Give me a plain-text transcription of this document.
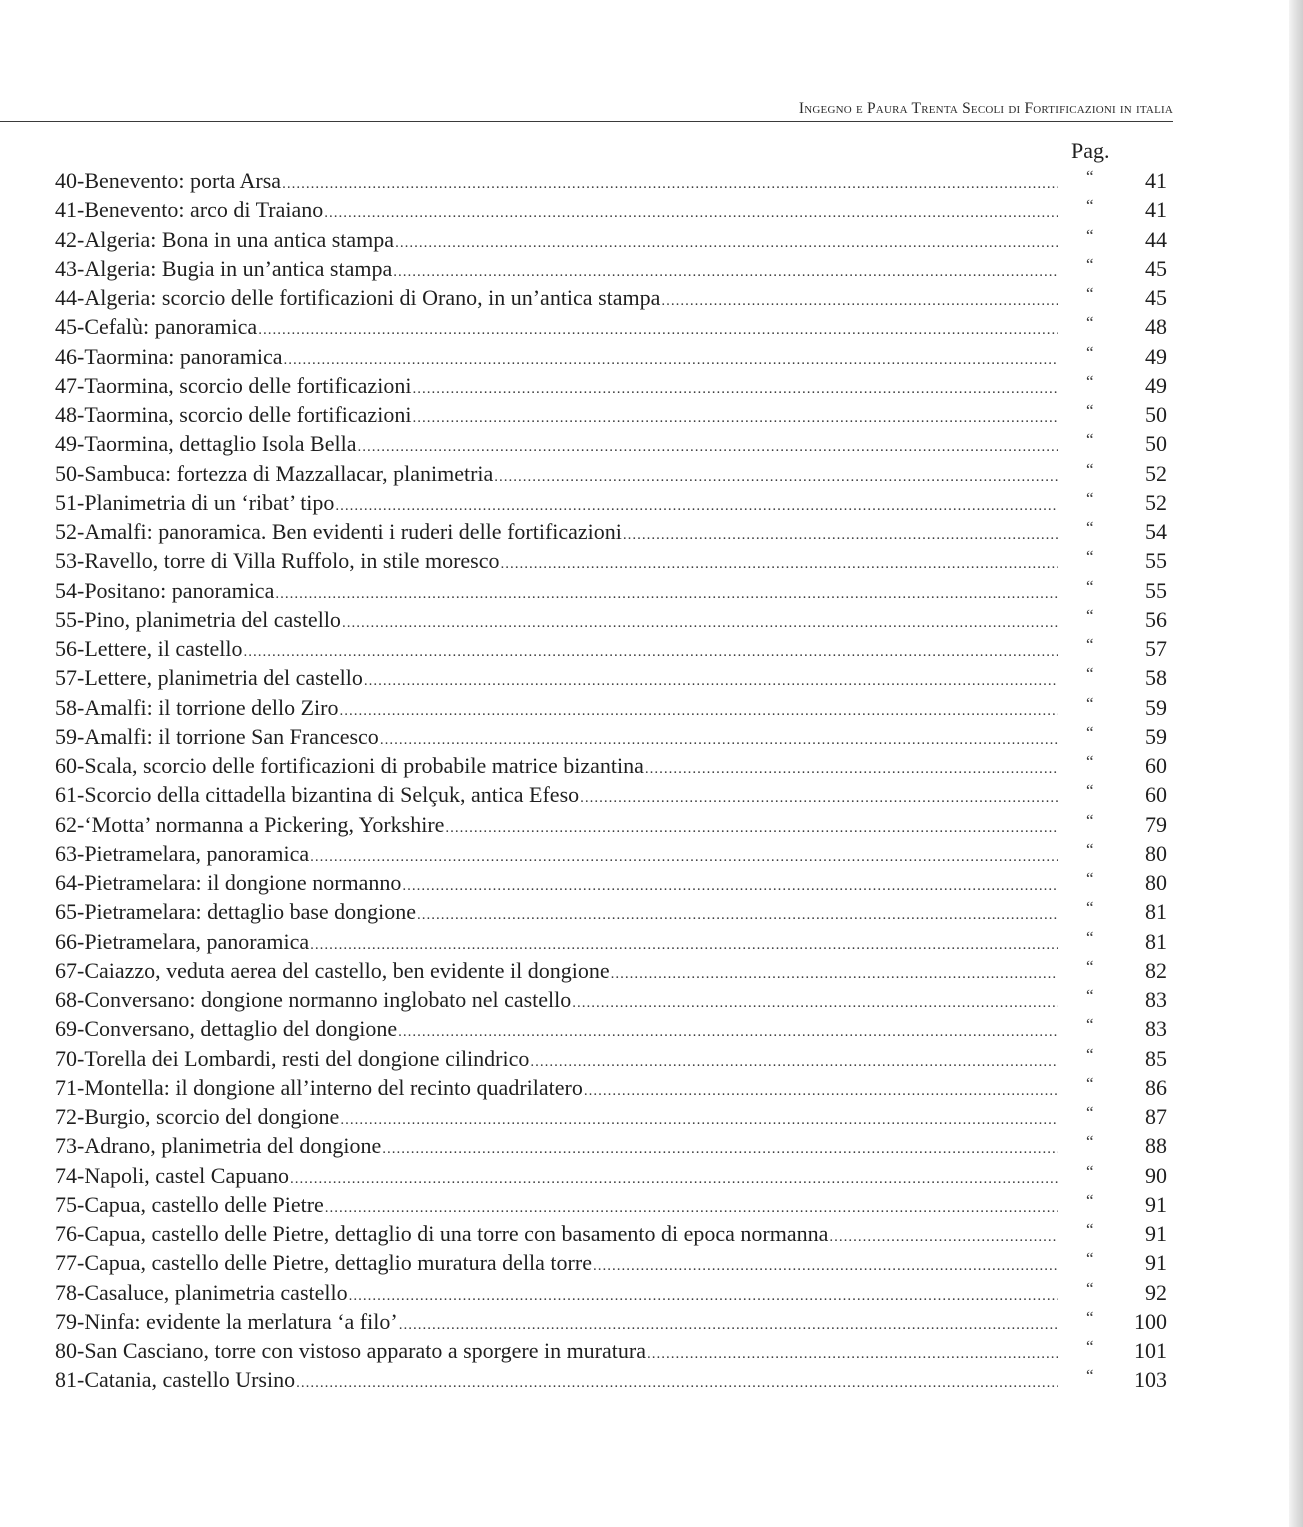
Ingegno e Paura Trenta Secoli di Fortificazioni in italia
Pag.
40-Benevento: porta Arsa .....	“	41
41-Benevento: arco di Traiano .....	“	41
42-Algeria: Bona in una antica stampa .....	“	44
43-Algeria: Bugia in un’antica stampa .....	“	45
44-Algeria: scorcio delle fortificazioni di Orano, in un’antica stampa .....	“	45
45-Cefalù: panoramica .....	“	48
46-Taormina: panoramica .....	“	49
47-Taormina, scorcio delle fortificazioni .....	“	49
48-Taormina, scorcio delle fortificazioni .....	“	50
49-Taormina, dettaglio Isola Bella .....	“	50
50-Sambuca: fortezza di Mazzallacar, planimetria .....	“	52
51-Planimetria di un ‘ribat’ tipo .....	“	52
52-Amalfi: panoramica. Ben evidenti i ruderi delle fortificazioni .....	“	54
53-Ravello, torre di Villa Ruffolo, in stile moresco .....	“	55
54-Positano: panoramica .....	“	55
55-Pino, planimetria del castello .....	“	56
56-Lettere, il castello .....	“	57
57-Lettere, planimetria del castello .....	“	58
58-Amalfi: il torrione dello Ziro .....	“	59
59-Amalfi: il torrione San Francesco .....	“	59
60-Scala, scorcio delle fortificazioni di probabile matrice bizantina .....	“	60
61-Scorcio della cittadella bizantina di Selçuk, antica Efeso .....	“	60
62-‘Motta’ normanna a Pickering, Yorkshire .....	“	79
63-Pietramelara, panoramica .....	“	80
64-Pietramelara: il dongione normanno .....	“	80
65-Pietramelara: dettaglio base dongione .....	“	81
66-Pietramelara, panoramica .....	“	81
67-Caiazzo, veduta aerea del castello, ben evidente il dongione .....	“	82
68-Conversano: dongione normanno inglobato nel castello .....	“	83
69-Conversano, dettaglio del dongione .....	“	83
70-Torella dei Lombardi, resti del dongione cilindrico .....	“	85
71-Montella: il dongione all’interno del recinto quadrilatero .....	“	86
72-Burgio, scorcio del dongione .....	“	87
73-Adrano, planimetria del dongione .....	“	88
74-Napoli, castel Capuano .....	“	90
75-Capua, castello delle Pietre .....	“	91
76-Capua, castello delle Pietre, dettaglio di una torre con basamento di epoca normanna .....	“	91
77-Capua, castello delle Pietre, dettaglio muratura della torre .....	“	91
78-Casaluce, planimetria castello .....	“	92
79-Ninfa: evidente la merlatura ‘a filo’ .....	“	100
80-San Casciano, torre con vistoso apparato a sporgere in muratura .....	“	101
81-Catania, castello Ursino .....	“	103
